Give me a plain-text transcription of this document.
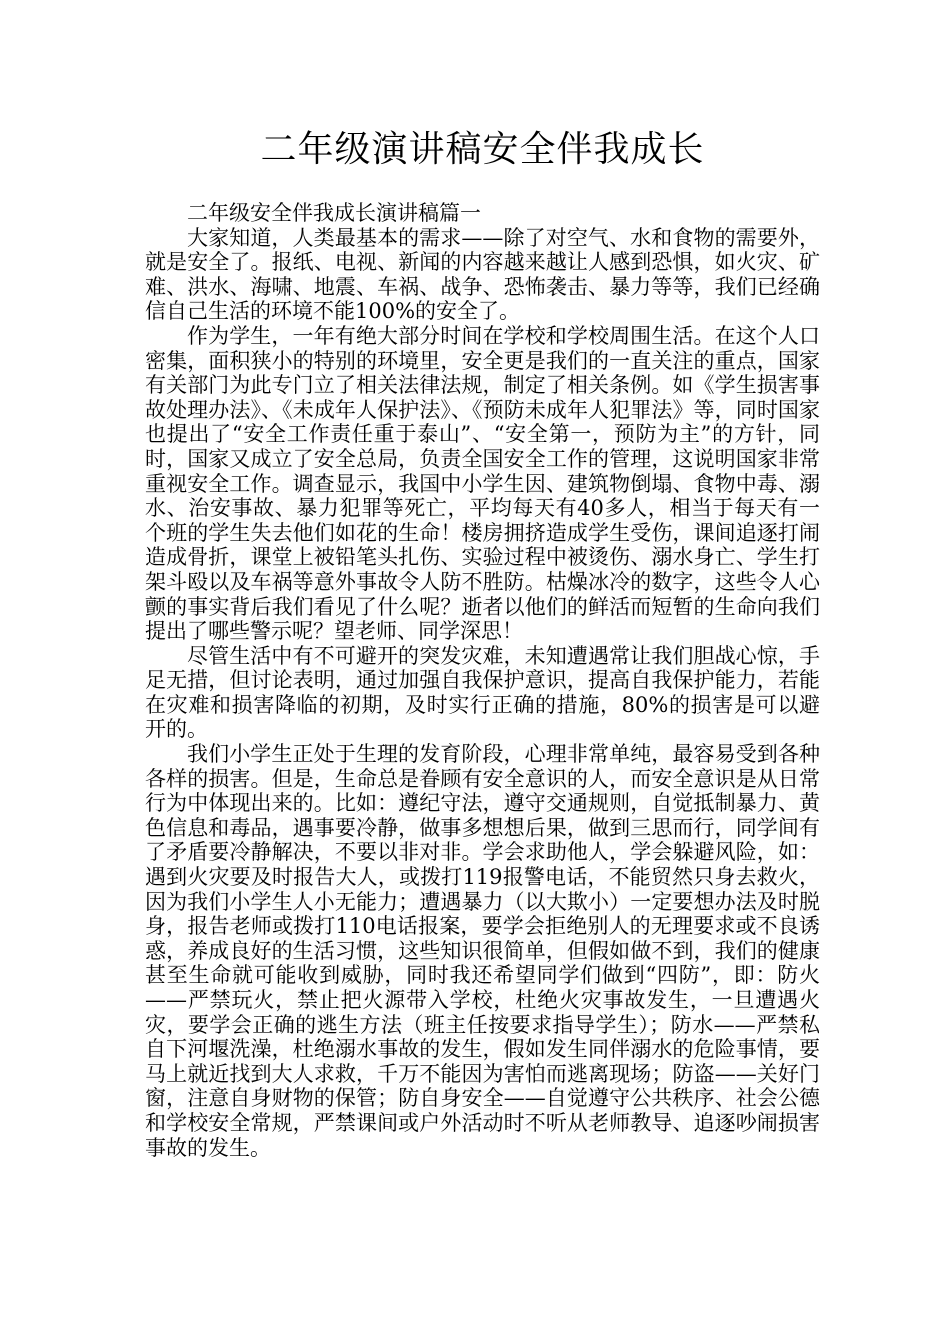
二年级演讲稿安全伴我成长

二年级安全伴我成长演讲稿篇一

大家知道，人类最基本的需求——除了对空气、水和食物的需要外，就是安全了。报纸、电视、新闻的内容越来越让人感到恐惧，如火灾、矿难、洪水、海啸、地震、车祸、战争、恐怖袭击、暴力等等，我们已经确信自己生活的环境不能100%的安全了。

作为学生，一年有绝大部分时间在学校和学校周围生活。在这个人口密集，面积狭小的特别的环境里，安全更是我们的一直关注的重点，国家有关部门为此专门立了相关法律法规，制定了相关条例。如《学生损害事故处理办法》、《未成年人保护法》、《预防未成年人犯罪法》等，同时国家也提出了“安全工作责任重于泰山”、“安全第一，预防为主”的方针，同时，国家又成立了安全总局，负责全国安全工作的管理，这说明国家非常重视安全工作。调查显示，我国中小学生因、建筑物倒塌、食物中毒、溺水、治安事故、暴力犯罪等死亡，平均每天有40多人，相当于每天有一个班的学生失去他们如花的生命！楼房拥挤造成学生受伤，课间追逐打闹造成骨折，课堂上被铅笔头扎伤、实验过程中被烫伤、溺水身亡、学生打架斗殴以及车祸等意外事故令人防不胜防。枯燥冰冷的数字，这些令人心颤的事实背后我们看见了什么呢？逝者以他们的鲜活而短暂的生命向我们提出了哪些警示呢？望老师、同学深思！

尽管生活中有不可避开的突发灾难，未知遭遇常让我们胆战心惊，手足无措，但讨论表明，通过加强自我保护意识，提高自我保护能力，若能在灾难和损害降临的初期，及时实行正确的措施，80%的损害是可以避开的。

我们小学生正处于生理的发育阶段，心理非常单纯，最容易受到各种各样的损害。但是，生命总是眷顾有安全意识的人，而安全意识是从日常行为中体现出来的。比如：遵纪守法，遵守交通规则，自觉抵制暴力、黄色信息和毒品，遇事要冷静，做事多想想后果，做到三思而行，同学间有了矛盾要冷静解决，不要以非对非。学会求助他人，学会躲避风险，如：遇到火灾要及时报告大人，或拨打119报警电话，不能贸然只身去救火，因为我们小学生人小无能力；遭遇暴力（以大欺小）一定要想办法及时脱身，报告老师或拨打110电话报案，要学会拒绝别人的无理要求或不良诱惑，养成良好的生活习惯，这些知识很简单，但假如做不到，我们的健康甚至生命就可能收到威胁，同时我还希望同学们做到“四防”，即：防火——严禁玩火，禁止把火源带入学校，杜绝火灾事故发生，一旦遭遇火灾，要学会正确的逃生方法（班主任按要求指导学生）；防水——严禁私自下河堰洗澡，杜绝溺水事故的发生，假如发生同伴溺水的危险事情，要马上就近找到大人求救，千万不能因为害怕而逃离现场；防盗——关好门窗，注意自身财物的保管；防自身安全——自觉遵守公共秩序、社会公德和学校安全常规，严禁课间或户外活动时不听从老师教导、追逐吵闹损害事故的发生。
